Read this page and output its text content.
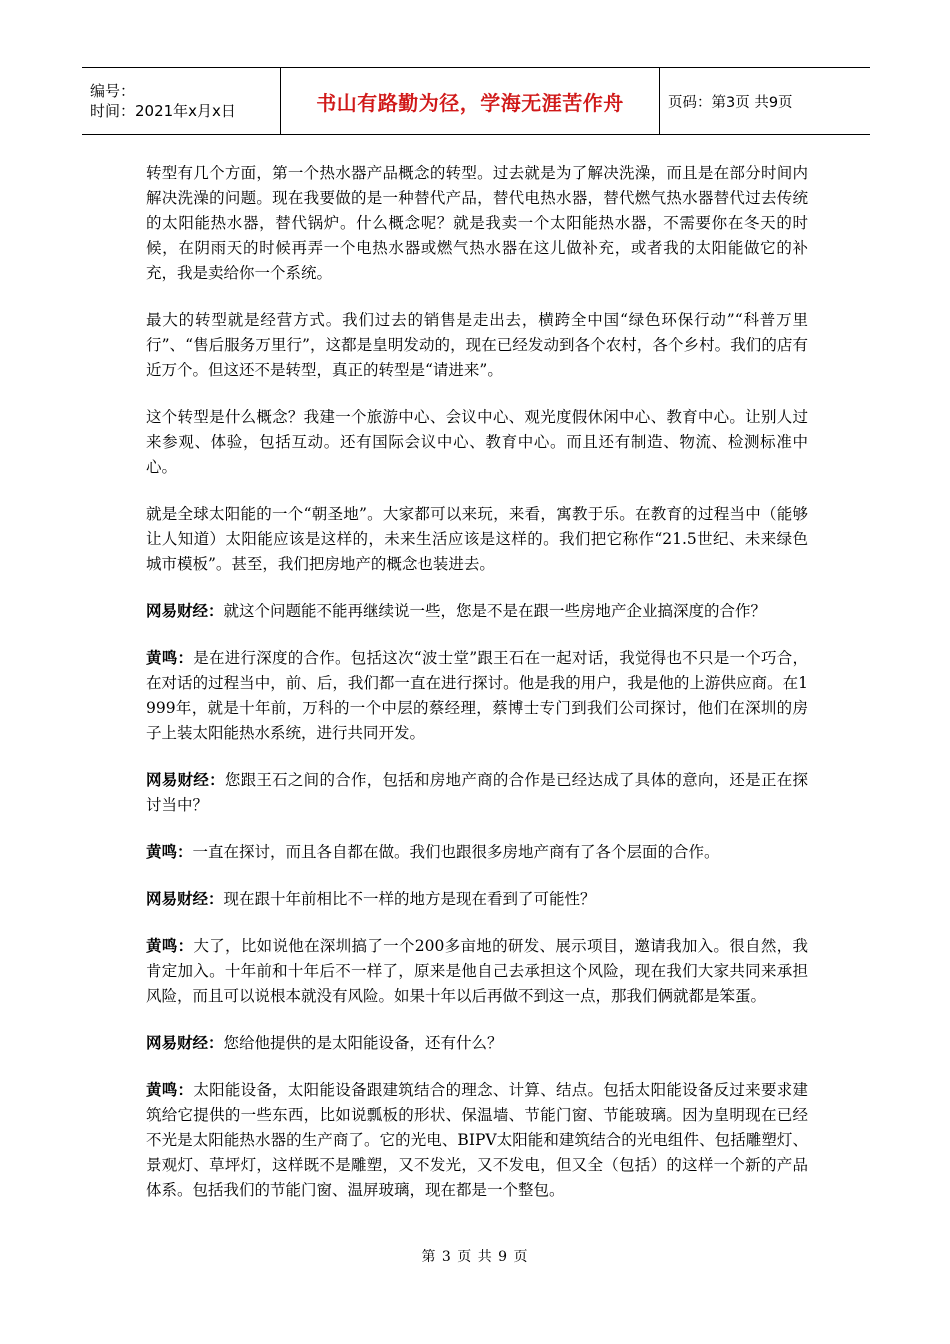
编号：
时间：2021年x月x日	书山有路勤为径，学海无涯苦作舟	页码：第3页 共9页

转型有几个方面，第一个热水器产品概念的转型。过去就是为了解决洗澡，而且是在部分时间内解决洗澡的问题。现在我要做的是一种替代产品，替代电热水器，替代燃气热水器替代过去传统的太阳能热水器，替代锅炉。什么概念呢？就是我卖一个太阳能热水器，不需要你在冬天的时候，在阴雨天的时候再弄一个电热水器或燃气热水器在这儿做补充，或者我的太阳能做它的补充，我是卖给你一个系统。

最大的转型就是经营方式。我们过去的销售是走出去，横跨全中国“绿色环保行动”“科普万里行”、“售后服务万里行”，这都是皇明发动的，现在已经发动到各个农村，各个乡村。我们的店有近万个。但这还不是转型，真正的转型是“请进来”。

这个转型是什么概念？我建一个旅游中心、会议中心、观光度假休闲中心、教育中心。让别人过来参观、体验，包括互动。还有国际会议中心、教育中心。而且还有制造、物流、检测标准中心。

就是全球太阳能的一个“朝圣地”。大家都可以来玩，来看，寓教于乐。在教育的过程当中（能够让人知道）太阳能应该是这样的，未来生活应该是这样的。我们把它称作“21.5世纪、未来绿色城市模板”。甚至，我们把房地产的概念也装进去。

网易财经：就这个问题能不能再继续说一些，您是不是在跟一些房地产企业搞深度的合作？

黄鸣：是在进行深度的合作。包括这次“波士堂”跟王石在一起对话，我觉得也不只是一个巧合，在对话的过程当中，前、后，我们都一直在进行探讨。他是我的用户，我是他的上游供应商。在1999年，就是十年前，万科的一个中层的蔡经理，蔡博士专门到我们公司探讨，他们在深圳的房子上装太阳能热水系统，进行共同开发。

网易财经：您跟王石之间的合作，包括和房地产商的合作是已经达成了具体的意向，还是正在探讨当中？

黄鸣：一直在探讨，而且各自都在做。我们也跟很多房地产商有了各个层面的合作。

网易财经：现在跟十年前相比不一样的地方是现在看到了可能性？

黄鸣：大了，比如说他在深圳搞了一个200多亩地的研发、展示项目，邀请我加入。很自然，我肯定加入。十年前和十年后不一样了，原来是他自己去承担这个风险，现在我们大家共同来承担风险，而且可以说根本就没有风险。如果十年以后再做不到这一点，那我们俩就都是笨蛋。

网易财经：您给他提供的是太阳能设备，还有什么？

黄鸣：太阳能设备，太阳能设备跟建筑结合的理念、计算、结点。包括太阳能设备反过来要求建筑给它提供的一些东西，比如说瓢板的形状、保温墙、节能门窗、节能玻璃。因为皇明现在已经不光是太阳能热水器的生产商了。它的光电、BIPV太阳能和建筑结合的光电组件、包括雕塑灯、景观灯、草坪灯，这样既不是雕塑，又不发光，又不发电，但又全（包括）的这样一个新的产品体系。包括我们的节能门窗、温屏玻璃，现在都是一个整包。

第 3 页 共 9 页
